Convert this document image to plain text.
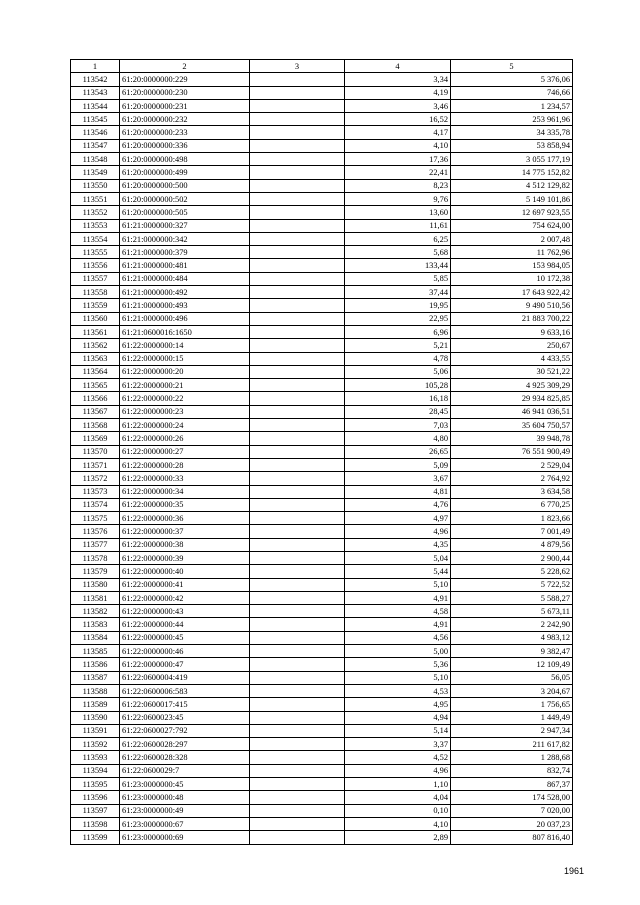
1	2	3	4	5
113542	61:20:0000000:229		3,34	5 376,06
113543	61:20:0000000:230		4,19	746,66
113544	61:20:0000000:231		3,46	1 234,57
113545	61:20:0000000:232		16,52	253 961,96
113546	61:20:0000000:233		4,17	34 335,78
113547	61:20:0000000:336		4,10	53 858,94
113548	61:20:0000000:498		17,36	3 055 177,19
113549	61:20:0000000:499		22,41	14 775 152,82
113550	61:20:0000000:500		8,23	4 512 129,82
113551	61:20:0000000:502		9,76	5 149 101,86
113552	61:20:0000000:505		13,60	12 697 923,55
113553	61:21:0000000:327		11,61	754 624,00
113554	61:21:0000000:342		6,25	2 007,48
113555	61:21:0000000:379		5,68	11 762,96
113556	61:21:0000000:481		133,44	153 984,05
113557	61:21:0000000:484		5,85	10 172,38
113558	61:21:0000000:492		37,44	17 643 922,42
113559	61:21:0000000:493		19,95	9 490 510,56
113560	61:21:0000000:496		22,95	21 883 700,22
113561	61:21:0600016:1650		6,96	9 633,16
113562	61:22:0000000:14		5,21	250,67
113563	61:22:0000000:15		4,78	4 433,55
113564	61:22:0000000:20		5,06	30 521,22
113565	61:22:0000000:21		105,28	4 925 309,29
113566	61:22:0000000:22		16,18	29 934 825,85
113567	61:22:0000000:23		28,45	46 941 036,51
113568	61:22:0000000:24		7,03	35 604 750,57
113569	61:22:0000000:26		4,80	39 948,78
113570	61:22:0000000:27		26,65	76 551 900,49
113571	61:22:0000000:28		5,09	2 529,04
113572	61:22:0000000:33		3,67	2 764,92
113573	61:22:0000000:34		4,81	3 634,58
113574	61:22:0000000:35		4,76	6 770,25
113575	61:22:0000000:36		4,97	1 823,66
113576	61:22:0000000:37		4,96	7 001,49
113577	61:22:0000000:38		4,35	4 879,56
113578	61:22:0000000:39		5,04	2 900,44
113579	61:22:0000000:40		5,44	5 228,62
113580	61:22:0000000:41		5,10	5 722,52
113581	61:22:0000000:42		4,91	5 588,27
113582	61:22:0000000:43		4,58	5 673,11
113583	61:22:0000000:44		4,91	2 242,90
113584	61:22:0000000:45		4,56	4 983,12
113585	61:22:0000000:46		5,00	9 382,47
113586	61:22:0000000:47		5,36	12 109,49
113587	61:22:0600004:419		5,10	56,05
113588	61:22:0600006:583		4,53	3 204,67
113589	61:22:0600017:415		4,95	1 756,65
113590	61:22:0600023:45		4,94	1 449,49
113591	61:22:0600027:792		5,14	2 947,34
113592	61:22:0600028:297		3,37	211 617,82
113593	61:22:0600028:328		4,52	1 288,68
113594	61:22:0600029:7		4,96	832,74
113595	61:23:0000000:45		1,10	867,37
113596	61:23:0000000:48		4,04	174 528,00
113597	61:23:0000000:49		0,10	7 020,00
113598	61:23:0000000:67		4,10	20 037,23
113599	61:23:0000000:69		2,89	807 816,40
1961
